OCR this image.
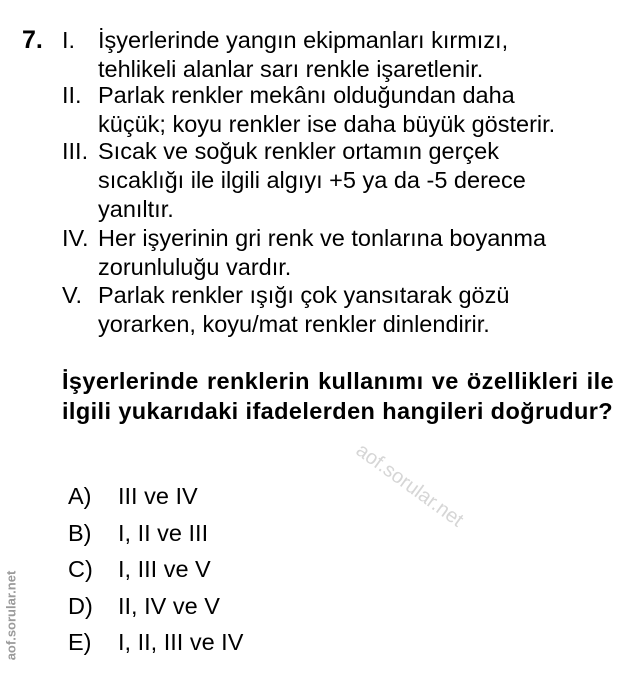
7. I. İşyerlerinde yangın ekipmanları kırmızı,
tehlikeli alanlar sarı renkle işaretlenir.
II. Parlak renkler mekânı olduğundan daha
küçük; koyu renkler ise daha büyük gösterir.
III. Sıcak ve soğuk renkler ortamın gerçek
sıcaklığı ile ilgili algıyı +5 ya da -5 derece
yanıltır.
IV. Her işyerinin gri renk ve tonlarına boyanma
zorunluluğu vardır.
V. Parlak renkler ışığı çok yansıtarak gözü
yorarken, koyu/mat renkler dinlendirir.
İşyerlerinde renklerin kullanımı ve özellikleri ile ilgili yukarıdaki ifadelerden hangileri doğrudur?
A)	III ve IV
B)	I, II ve III
C)	I, III ve V
D)	II, IV ve V
E)	I, II, III ve IV
aof.sorular.net
aof.sorular.net
